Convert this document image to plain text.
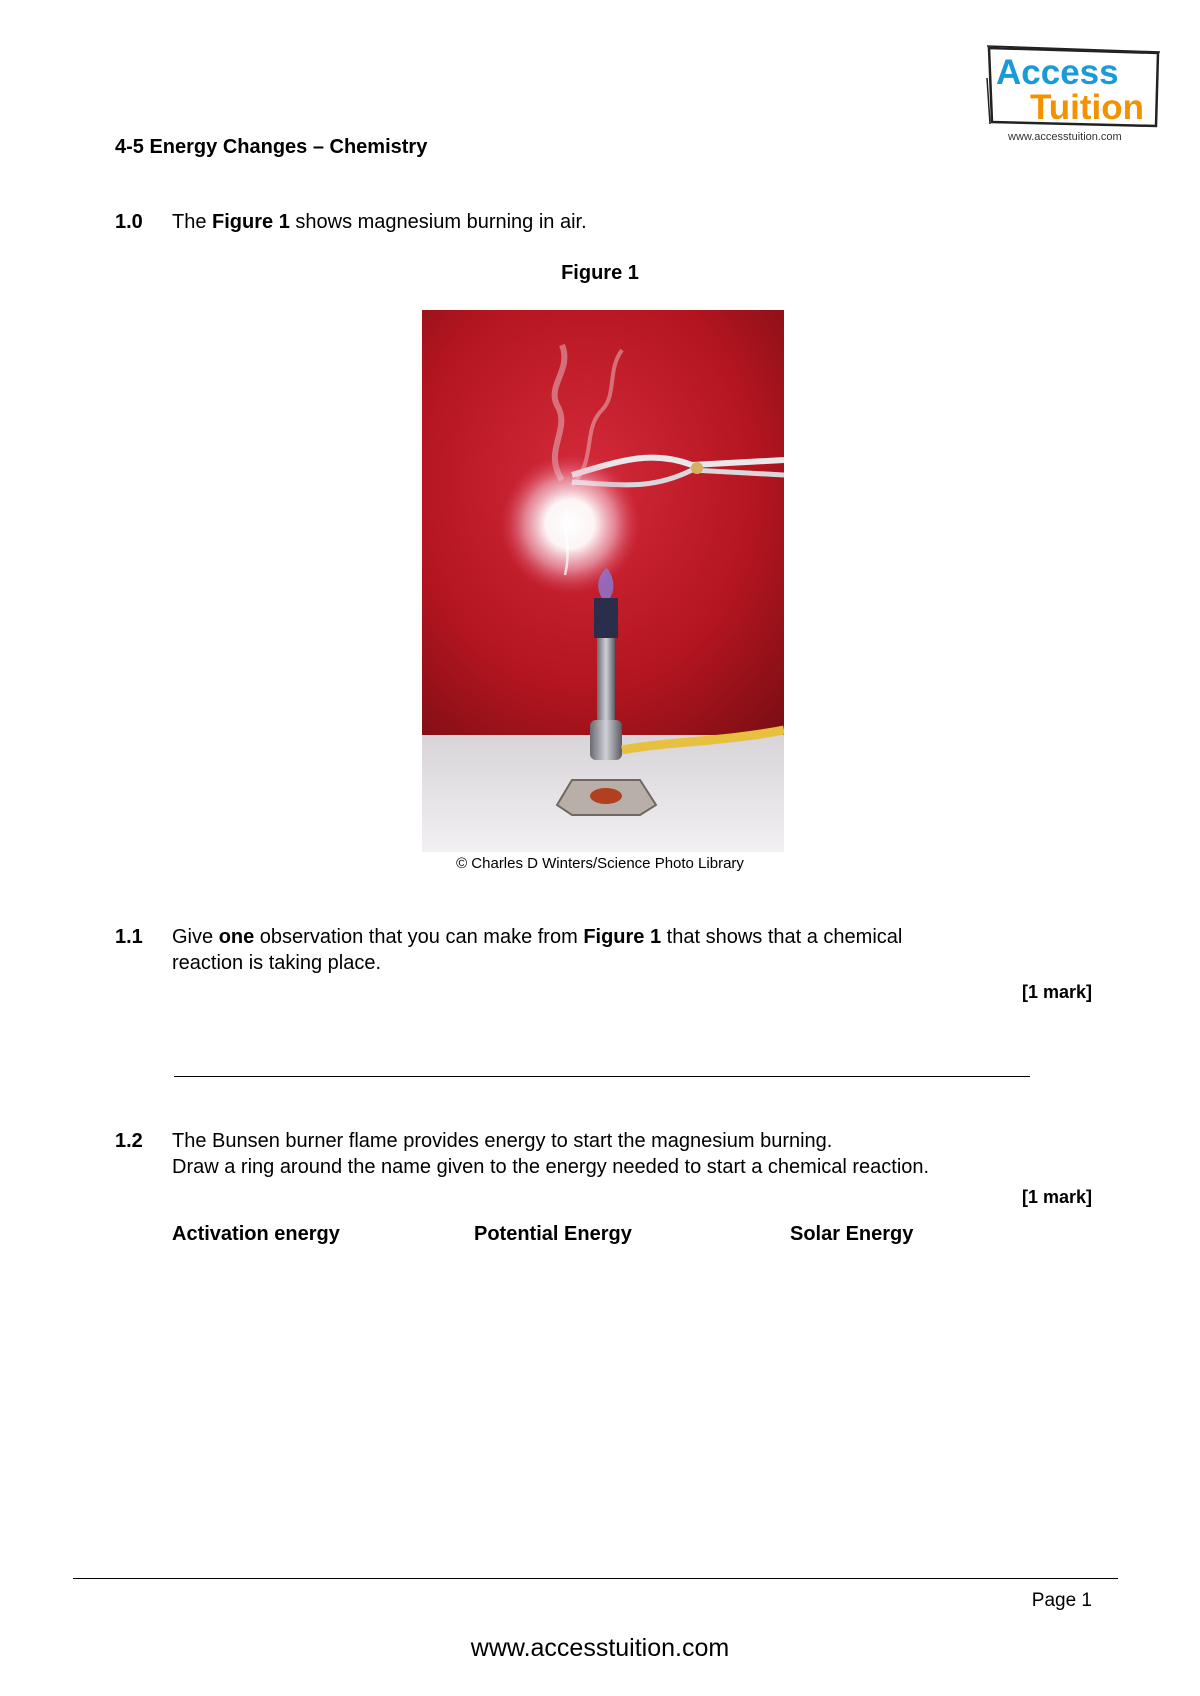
Access
Tuition
www.accesstuition.com
4-5 Energy Changes – Chemistry
1.0 The Figure 1 shows magnesium burning in air.
Figure 1
© Charles D Winters/Science Photo Library
1.1 Give one observation that you can make from Figure 1 that shows that a chemical
reaction is taking place.
[1 mark]
1.2 The Bunsen burner flame provides energy to start the magnesium burning.
Draw a ring around the name given to the energy needed to start a chemical reaction.
[1 mark]
Activation energy	Potential Energy	Solar Energy
Page 1
www.accesstuition.com
